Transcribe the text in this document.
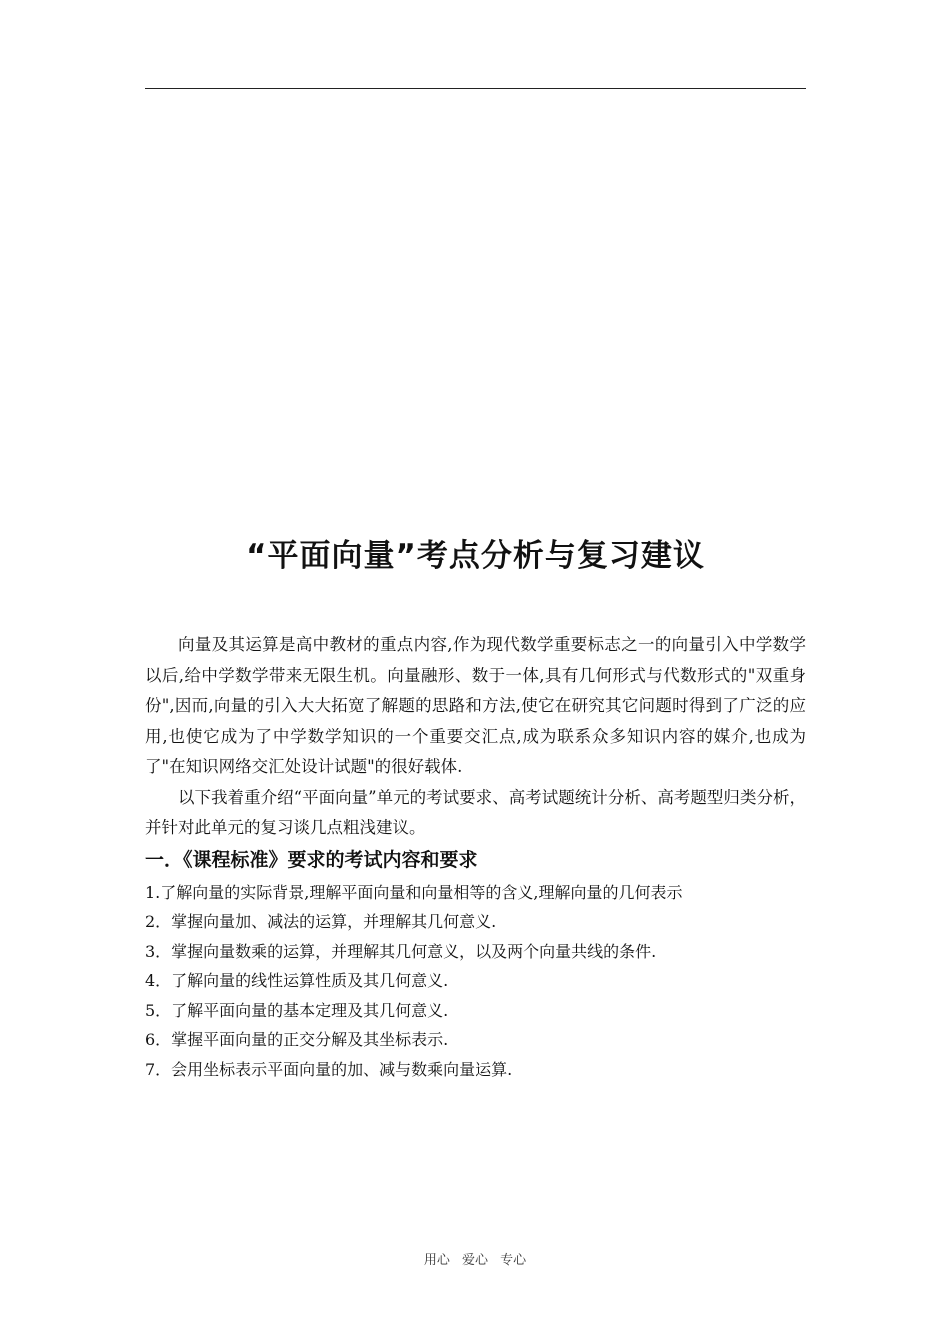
“平面向量”考点分析与复习建议

向量及其运算是高中教材的重点内容,作为现代数学重要标志之一的向量引入中学数学以后,给中学数学带来无限生机。向量融形、数于一体,具有几何形式与代数形式的"双重身份",因而,向量的引入大大拓宽了解题的思路和方法,使它在研究其它问题时得到了广泛的应用,也使它成为了中学数学知识的一个重要交汇点,成为联系众多知识内容的媒介,也成为了"在知识网络交汇处设计试题"的很好载体.

以下我着重介绍“平面向量”单元的考试要求、高考试题统计分析、高考题型归类分析，并针对此单元的复习谈几点粗浅建议。

一．《课程标准》要求的考试内容和要求
1.了解向量的实际背景,理解平面向量和向量相等的含义,理解向量的几何表示
2．掌握向量加、减法的运算，并理解其几何意义.
3．掌握向量数乘的运算，并理解其几何意义，以及两个向量共线的条件.
4．了解向量的线性运算性质及其几何意义.
5．了解平面向量的基本定理及其几何意义.
6．掌握平面向量的正交分解及其坐标表示.
7．会用坐标表示平面向量的加、减与数乘向量运算.
用心 爱心 专心
